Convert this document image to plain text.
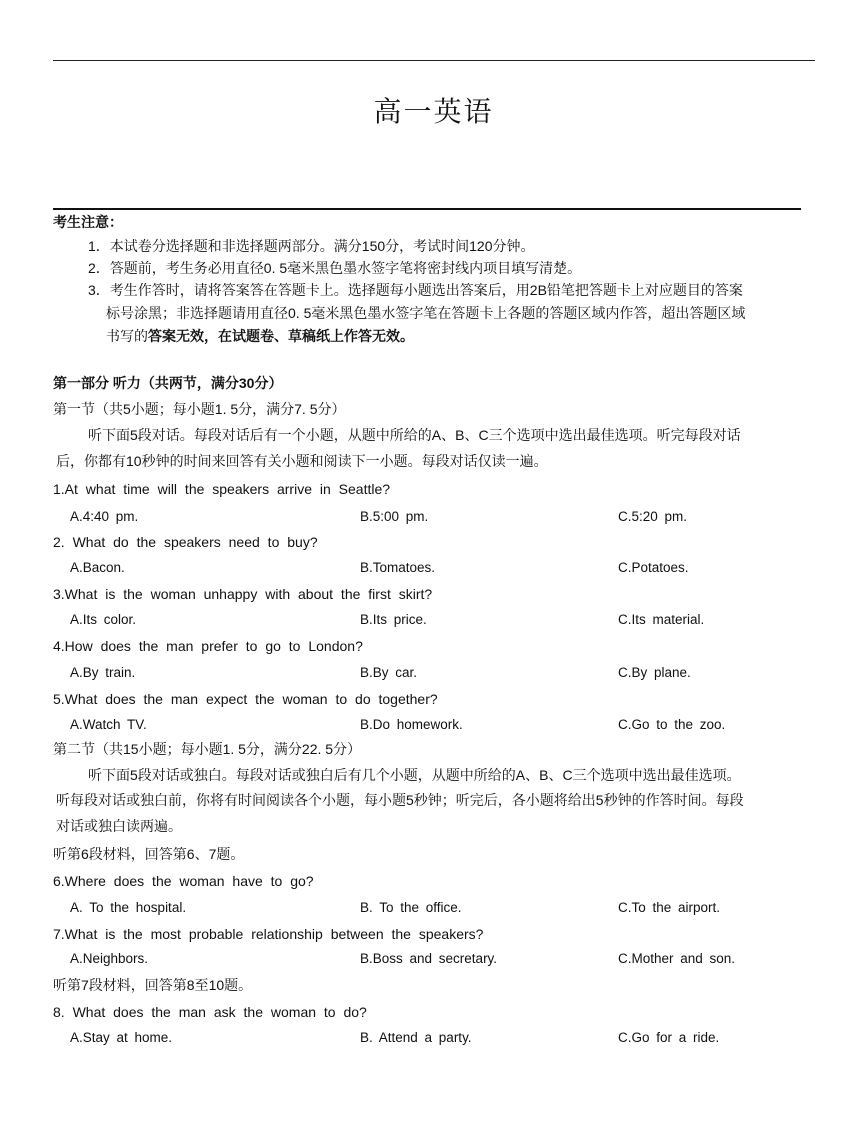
高一英语
考生注意：
1．本试卷分选择题和非选择题两部分。满分150分，考试时间120分钟。
2．答题前，考生务必用直径0. 5毫米黑色墨水签字笔将密封线内项目填写清楚。
3．考生作答时，请将答案答在答题卡上。选择题每小题选出答案后，用2B铅笔把答题卡上对应题目的答案
标号涂黑；非选择题请用直径0. 5毫米黑色墨水签字笔在答题卡上各题的答题区域内作答，超出答题区域
书写的答案无效，在试题卷、草稿纸上作答无效。
第一部分 听力（共两节，满分30分）
第一节（共5小题；每小题1. 5分，满分7. 5分）
听下面5段对话。每段对话后有一个小题，从题中所给的A、B、C三个选项中选出最佳选项。听完每段对话
后，你都有10秒钟的时间来回答有关小题和阅读下一小题。每段对话仅读一遍。
1.At what time will the speakers arrive in Seattle?
A.4:40 pm.	B.5:00 pm.	C.5:20 pm.
2. What do the speakers need to buy?
A.Bacon.	B.Tomatoes.	C.Potatoes.
3.What is the woman unhappy with about the first skirt?
A.Its color.	B.Its price.	C.Its material.
4.How does the man prefer to go to London?
A.By train.	B.By car.	C.By plane.
5.What does the man expect the woman to do together?
A.Watch TV.	B.Do homework.	C.Go to the zoo.
第二节（共15小题；每小题1. 5分，满分22. 5分）
听下面5段对话或独白。每段对话或独白后有几个小题，从题中所给的A、B、C三个选项中选出最佳选项。
听每段对话或独白前，你将有时间阅读各个小题，每小题5秒钟；听完后，各小题将给出5秒钟的作答时间。每段
对话或独白读两遍。
听第6段材料，回答第6、7题。
6.Where does the woman have to go?
A. To the hospital.	B. To the office.	C.To the airport.
7.What is the most probable relationship between the speakers?
A.Neighbors.	B.Boss and secretary.	C.Mother and son.
听第7段材料，回答第8至10题。
8. What does the man ask the woman to do?
A.Stay at home.	B. Attend a party.	C.Go for a ride.
